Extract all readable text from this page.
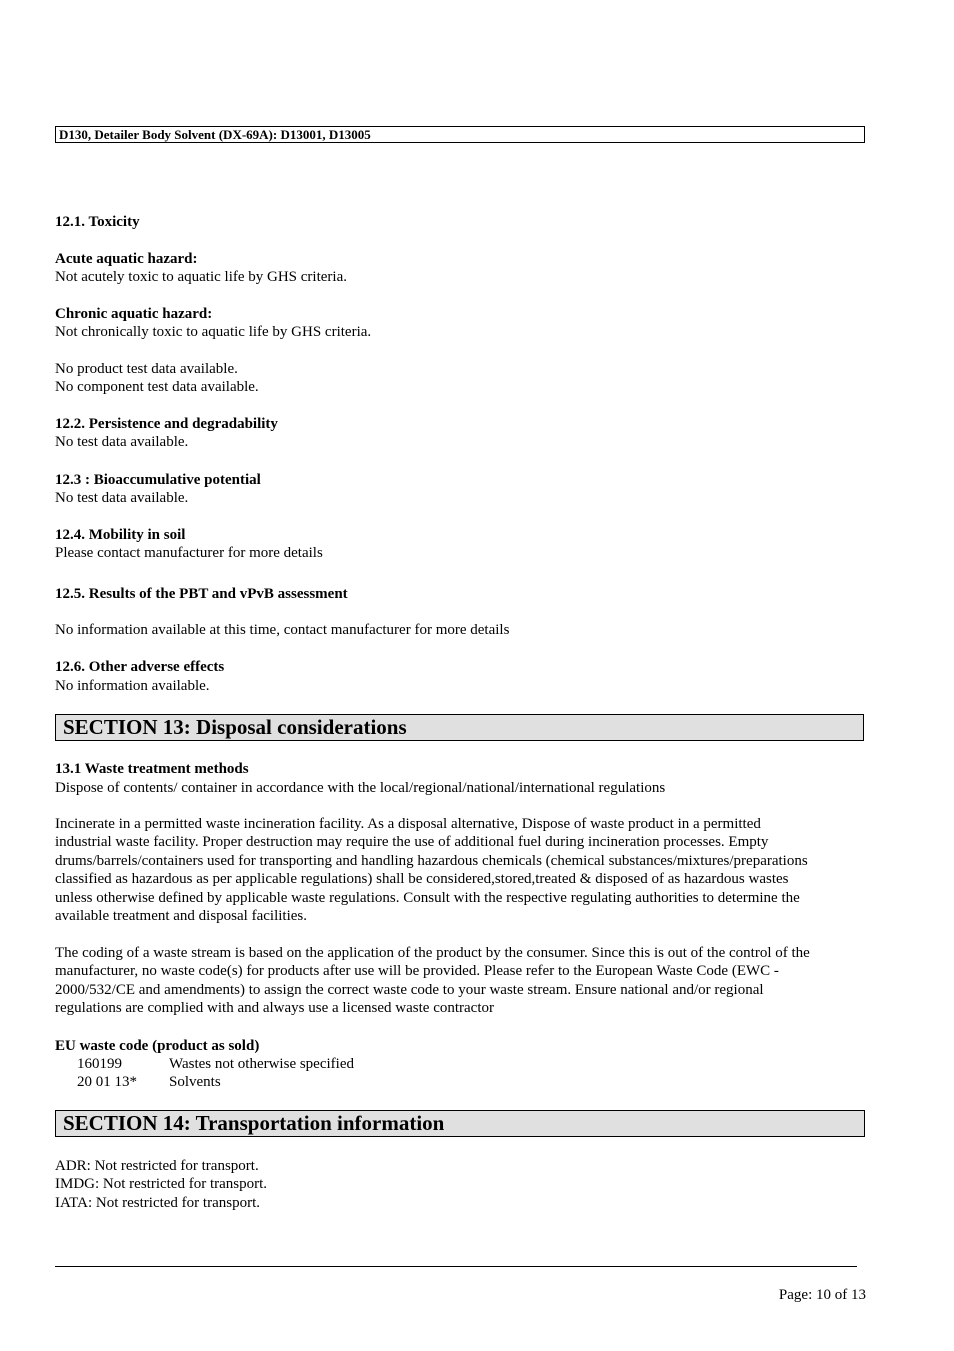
D130, Detailer Body Solvent (DX-69A): D13001, D13005
12.1. Toxicity
Acute aquatic hazard:
Not acutely toxic to aquatic life by GHS criteria.
Chronic aquatic hazard:
Not chronically toxic to aquatic life by GHS criteria.
No product test data available.
No component test data available.
12.2. Persistence and degradability
No test data available.
12.3 : Bioaccumulative potential
No test data available.
12.4. Mobility in soil
Please contact manufacturer for more details
12.5. Results of the PBT and vPvB assessment
No information available at this time, contact manufacturer for more details
12.6. Other adverse effects
No information available.
SECTION 13: Disposal considerations
13.1 Waste treatment methods
Dispose of contents/ container in accordance with the local/regional/national/international regulations
Incinerate in a permitted waste incineration facility. As a disposal alternative, Dispose of waste product in a permitted
industrial waste facility. Proper destruction may require the use of additional fuel during incineration processes. Empty
drums/barrels/containers used for transporting and handling hazardous chemicals (chemical substances/mixtures/preparations
classified as hazardous as per applicable regulations) shall be considered,stored,treated & disposed of as hazardous wastes
unless otherwise defined by applicable waste regulations. Consult with the respective regulating authorities to determine the
available treatment and disposal facilities.
The coding of a waste stream is based on the application of the product by the consumer. Since this is out of the control of the
manufacturer, no waste code(s) for products after use will be provided. Please refer to the European Waste Code (EWC -
2000/532/CE and amendments) to assign the correct waste code to your waste stream. Ensure national and/or regional
regulations are complied with and always use a licensed waste contractor
EU waste code (product as sold)
160199	Wastes not otherwise specified
20 01 13* Solvents
SECTION 14: Transportation information
ADR: Not restricted for transport.
IMDG: Not restricted for transport.
IATA: Not restricted for transport.
Page: 10 of 13
